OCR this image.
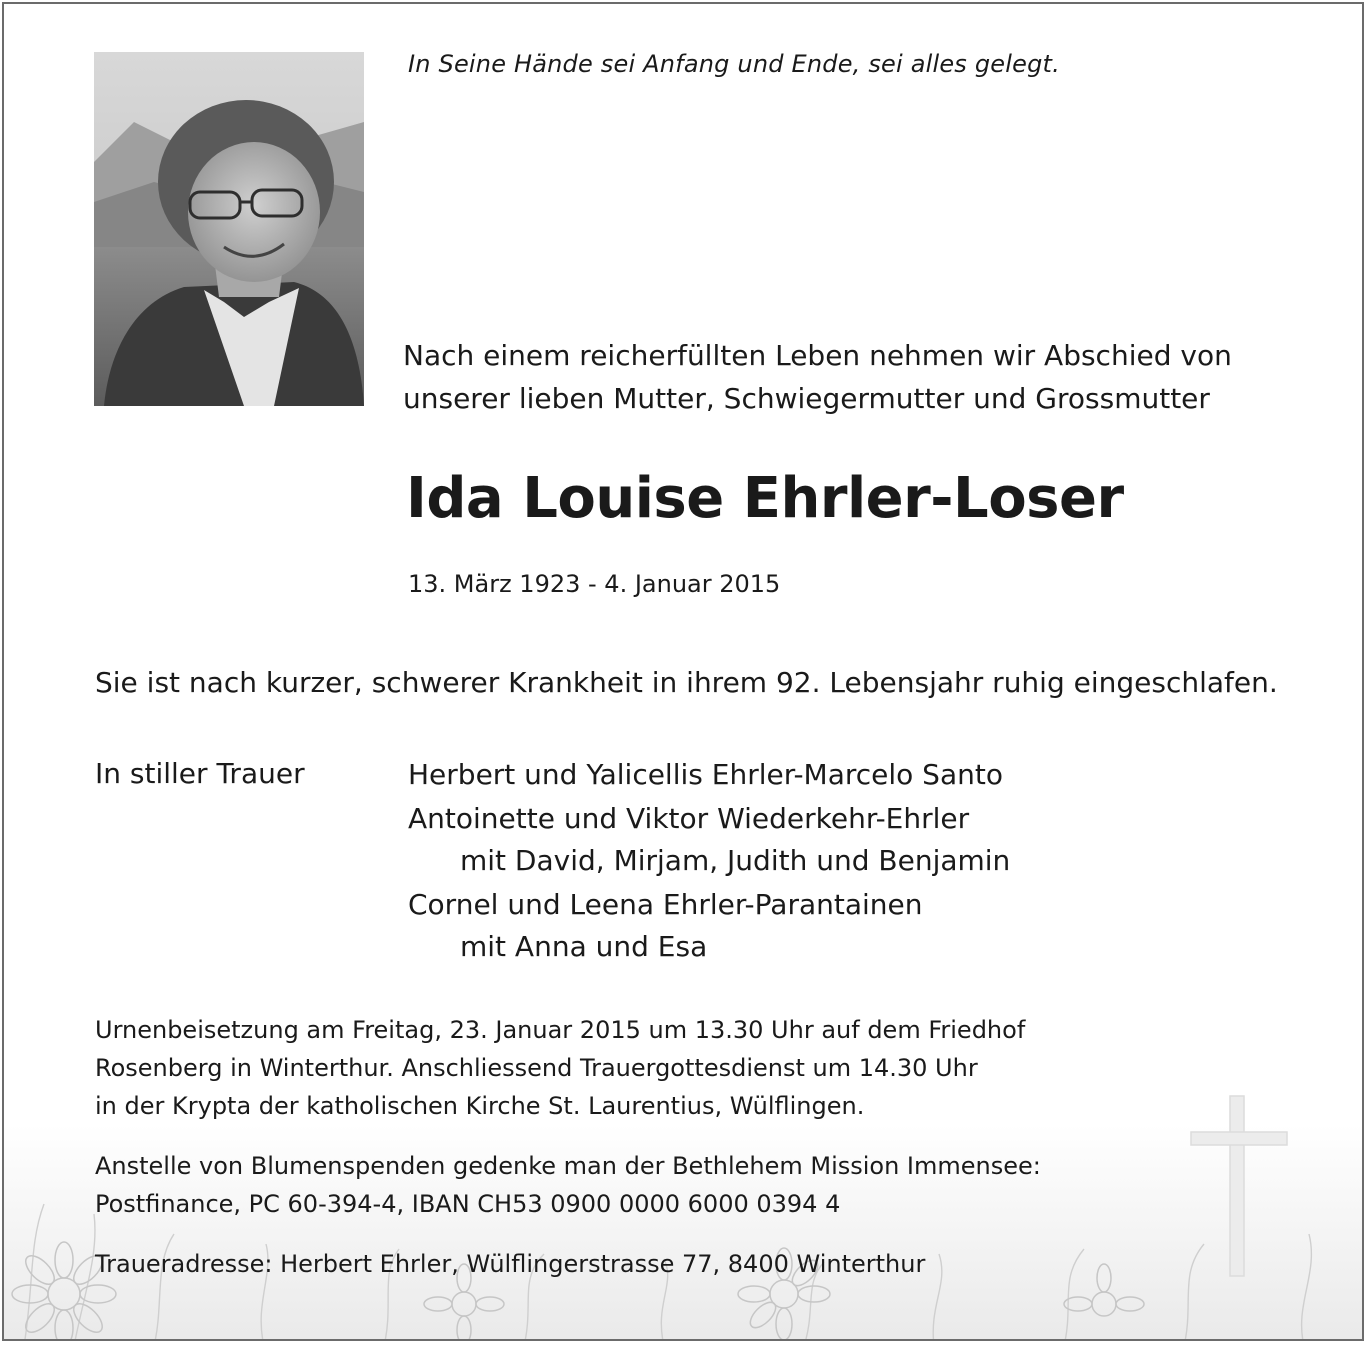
In Seine Hände sei Anfang und Ende, sei alles gelegt.

Nach einem reicherfüllten Leben nehmen wir Abschied von
unserer lieben Mutter, Schwiegermutter und Grossmutter
Ida Louise Ehrler-Loser

13. März 1923 - 4. Januar 2015

Sie ist nach kurzer, schwerer Krankheit in ihrem 92. Lebensjahr ruhig eingeschlafen.

In stiller Trauer	Herbert und Yalicellis Ehrler-Marcelo Santo
Antoinette und Viktor Wiederkehr-Ehrler
mit David, Mirjam, Judith und Benjamin
Cornel und Leena Ehrler-Parantainen
mit Anna und Esa
Urnenbeisetzung am Freitag, 23. Januar 2015 um 13.30 Uhr auf dem Friedhof
Rosenberg in Winterthur. Anschliessend Trauergottesdienst um 14.30 Uhr
in der Krypta der katholischen Kirche St. Laurentius, Wülflingen.
Anstelle von Blumenspenden gedenke man der Bethlehem Mission Immensee:
Postfinance, PC 60-394-4, IBAN CH53 0900 0000 6000 0394 4

Traueradresse: Herbert Ehrler, Wülflingerstrasse 77, 8400 Winterthur
